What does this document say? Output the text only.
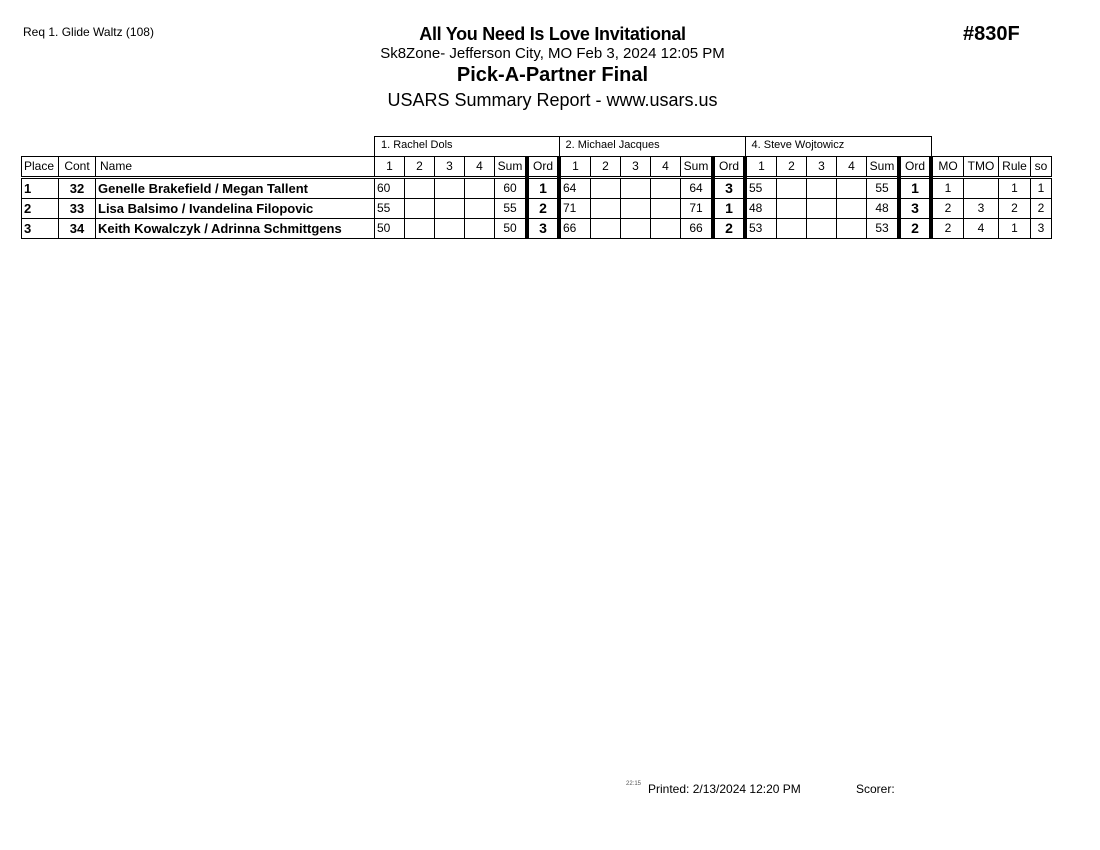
Req 1. Glide Waltz (108)	All You Need Is Love Invitational
Sk8Zone- Jefferson City, MO Feb 3, 2024 12:05 PM
Pick-A-Partner Final
USARS Summary Report - www.usars.us
#830F
			1. Rachel Dols						2. Michael Jacques						4. Steve Wojtowicz									
Place	Cont	Name	1	2	3	4	Sum	Ord	1	2	3	4	Sum	Ord	1	2	3	4	Sum	Ord	MO	TMO	Rule	so
1	32	Genelle Brakefield / Megan Tallent	60				60	1	64				64	3	55				55	1	1		1	1
2	33	Lisa Balsimo / Ivandelina Filopovic	55				55	2	71				71	1	48				48	3	2	3	2	2
3	34	Keith Kowalczyk / Adrinna Schmittgens	50				50	3	66				66	2	53				53	2	2	4	1	3
22:15 Printed: 2/13/2024 12:20 PM	Scorer:
